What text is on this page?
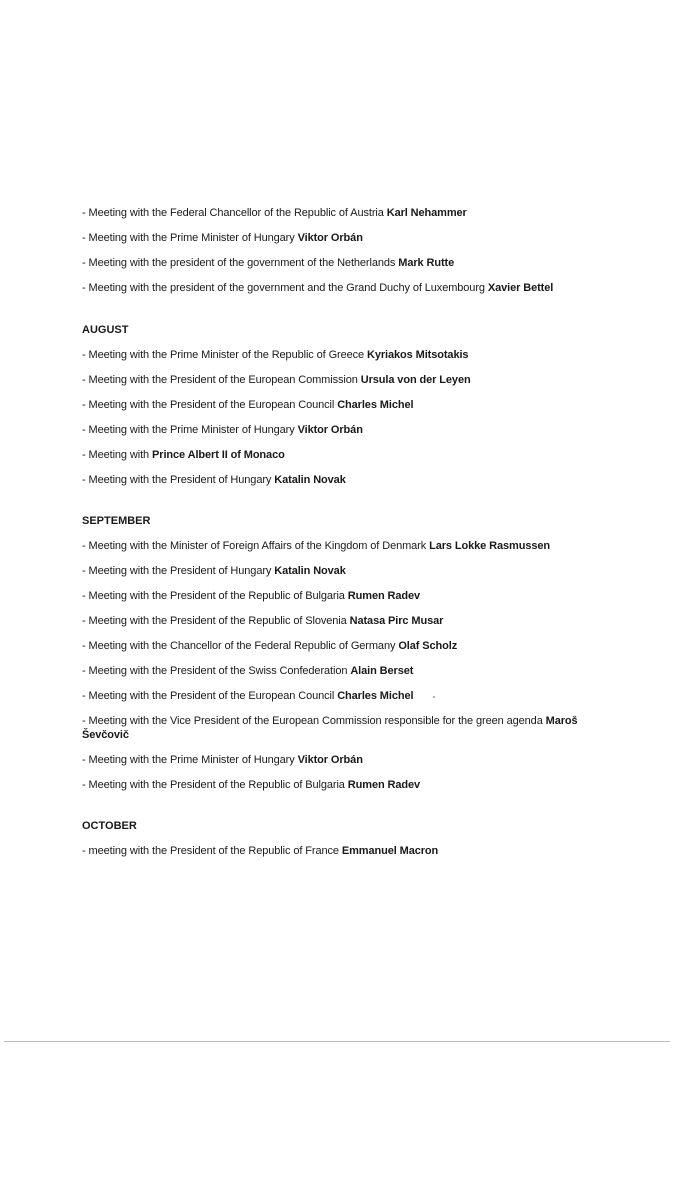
- Meeting with the Federal Chancellor of the Republic of Austria Karl Nehammer
- Meeting with the Prime Minister of Hungary Viktor Orbán
- Meeting with the president of the government of the Netherlands Mark Rutte
- Meeting with the president of the government and the Grand Duchy of Luxembourg Xavier Bettel
AUGUST
- Meeting with the Prime Minister of the Republic of Greece Kyriakos Mitsotakis
- Meeting with the President of the European Commission Ursula von der Leyen
- Meeting with the President of the European Council Charles Michel
- Meeting with the Prime Minister of Hungary Viktor Orbán
- Meeting with Prince Albert II of Monaco
- Meeting with the President of Hungary Katalin Novak
SEPTEMBER
- Meeting with the Minister of Foreign Affairs of the Kingdom of Denmark Lars Lokke Rasmussen
- Meeting with the President of Hungary Katalin Novak
- Meeting with the President of the Republic of Bulgaria Rumen Radev
- Meeting with the President of the Republic of Slovenia Natasa Pirc Musar
- Meeting with the Chancellor of the Federal Republic of Germany Olaf Scholz
- Meeting with the President of the Swiss Confederation Alain Berset
- Meeting with the President of the European Council Charles Michel
- Meeting with the Vice President of the European Commission responsible for the green agenda Maroš Ševčovič
- Meeting with the Prime Minister of Hungary Viktor Orbán
- Meeting with the President of the Republic of Bulgaria Rumen Radev
OCTOBER
- meeting with the President of the Republic of France Emmanuel Macron
